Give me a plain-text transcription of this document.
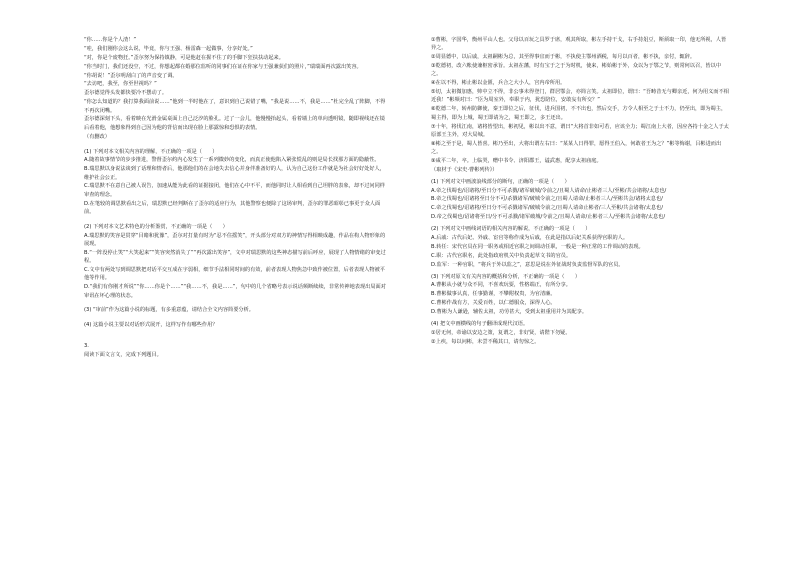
“你……你是个人渣！”

“哇，我们刚你会这么说，毕竟，你与王强、杨雷森一起做事，分享好处。”

“对，你是个废物狂。”歪尔努为保持镇静，可是他赶在握不住了的手脚下狂扶扶动起来。

“你当时门，我们还没空，不过，你想起都在婚那位监听的同事们在证在你家与王强兼获们的照片，”瑞瑞面再次露出笑容。

“你胡说！”歪尔明刮白了的声音变了调。

“去访吧，我至，你至世视吗？”

歪尔德觉得头发都快要冷不摆动了。

“你怎么知道的？我打算我面前说……”他到一半时他在了，意识到自己说错了嘴，“我是说……不，我是……”杜完全乱了阵脚，不得不再次闭嘴。

歪尔德深刻下头，看着映在光滑金属桌面上自己泛汐的脸孔。过了一会儿，他慢慢抬起头，看着墙上的单向透明镜，随即视线还在镜后看着他，他想象得到自己因为他的背信而出现在脸上那露惊和恐惧的表情。

（有删改）

(1) 下列对本文相关内容的理解，不正确的一项是（　　）

A.随着故事情节的步步推进，警督歪尔约内心发生了一系列微妙的变化，而真正使他陷入紧张慌乱的则是局长找那方面的隐蔽性。

B.瑞思默以身说法谈到了话理和情者后，他那他们的在会地失去信心并身伴准备好的人，认为自己这份工作就是为社会好好处好人，维护社会公正。

C.瑞思默不在意自己被人误告，加速从能为此看的证据接闭，他们在心中不平，而他同时让人相看到自己坦胖的表象，却不过问同样审查的理念。

D.在笔较的调思默看出之后，瑞思默已经判断在了歪尔的适应行为，其他警察也便除了这场审判，歪尔的罪恶昭彰已事更于众人面前。

(2) 下列对本文艺术特色的分析鉴赏，不正确的一项是（　　）

A.瑞思默的笑容是贯穿“目睹和犹豫”，歪尔对打量有时为“忍不住摇笑”，开头部分对双方的神情写得相映成趣，作品在构人物形象的展现。

B.“一阵没停止笑”“大笑起来”“笑容突然消失了”“再次露出笑容”，文中对瑞思默的这些神态描写前后呼应，展现了人物情绪的审变过程。

C.文中有两处写到调思默把对话平交互成在字弱相，细节手法相同时间的有效，前者表现人物焦急中致作被位置，后者表现人物被平他等作用。

D.“我们有你刚才所说”“你……你是个……”“我……不，我是……”，句中的几个省略号表示说话频断续续，非常传神地表现出局面对审讯在坏心理的状态。

(3) “审前”作为这篇小说的标题，有多重意蕴，请结合全文内容简要分析。

(4) 这篇小说主要以对话形式展开，这样写作有哪些作用？

3.

阅读下面文言文，完成下列题目。

①曹彬，字国华，衡州平山人也。父母以百玩之具罗于席，观其所取，彬左手持干戈，右手持俎豆，斯须取一印，他无所视，人皆异之。

②周显德中，以后戚，太祖嗣彬为总，其至得事宜而于彬，不执使主鄂州酒税，每月以百者，彬不执，亲付，辄辞。

③乾德初，改六帐使兼枢密承旨。太祖在藩，时有宝于之于为时机，使来，彬始彬于外，众以为于鄂之节，则常何以召，皆以中之。

④在以不得，彬止彬以金匮，兵合之大小人，宫内帝所用。

⑤切，太祖微加惠，帅中立不得，非公事未得登门，群居鄂会，亦简言笑。太祖即位，谓曰：“吾畴昔无与卿亲近，何为用义而不相近我！”彬频对曰：“臣为周室外，奉职于内，犹恐陪位，安敢妄有所交？”

⑥乾德二年，转州防御使，秦王即位之后，征伐，进兵国初，不不出也，然后交手，方令人相至之于士不力，仍至出，即为蜀主，蜀主得，即为上城，蜀王即请为之，蜀王即之，多王还出。

⑦十年，将伐江南，诸将皆望出，彬初见，彬以出不意，谓曰“大将首非如可若，应该全力；蜀江南上大者，因应各持十金之人于太原部王主外，对大局城。

⑧彬之至于是，蜀人皆喜。彬乃至出，大将出谓左右曰：“某某人日得罪，愿得王伯入，何敢者王为之？”彬等悔谢，吕彬进而出之。

⑨咸平二年，卒。上临哭，赠中书令、济阳郡王，谥武惠，配享太祖庙庭。

（取材于《宋史·曹彬列传》）

(1) 下列对文中画波浪线部分的断句，正确的一项是（　　）

A.帝之伐蜀也/诏诸将/至日分不可杀戮/诸军破城/令前之/且蜀人请命/止彬者三人/至彬/共会诸将/太息也/

B.帝之伐蜀也/诏诸将至日分不可/杀戮诸军/破城令前之/且蜀人请命/止彬者三人/至彬共会/诸将太息也/

C.帝之伐蜀也/诏诸将/至日分不可杀戮诸军/破城令前之/且蜀人请命止彬者/三人至彬/共会诸将/太息也/

D.帝之伐蜀也/诏诸将至日/分不可杀戮/诸军破城/令前之/且蜀人请命/止彬者三人/至彬共会诸将/太息也/

(2) 下列对文中画线词语的相关内容的解说，不正确的一项是（　　）

A.后戚：古代后妃、外戚、宦官等称作成为后戚，在此是指以后妃关系获得官职的人。

B.转任：宋代官员在同一职务或相近官职之间调动任职，一般是一种正常的工作调动的表现。

C.职：古代官职名，此处指政府机关中负责起草文书的官员。

D.监军：一种官职，“将兵于外以监之”，意思是说在外征战时负责监督军队的官员。

(3) 下列对原文有关内容的概括和分析，不正确的一项是（　　）

A.曹彬从小就与众不同，不喜欢玩耍，性格端正，有所分享。

B.曹彬做事认真，任事勤谨，不攀附权贵，为官清廉。

C.曹彬作战有方，关爱百姓，以仁德服众，深得人心。

D.曹彬为人谦逊，辅佐太祖，功劳甚大，受到太祖重用并为其配享。

(4) 把文中画横线的句子翻译成现代汉语。

①居无何，帝谕以安边之策，复谓之，非好贤，请陛下勿疑。

②上疾，每以问彬，未尝不稀其口，请勿惊之。
